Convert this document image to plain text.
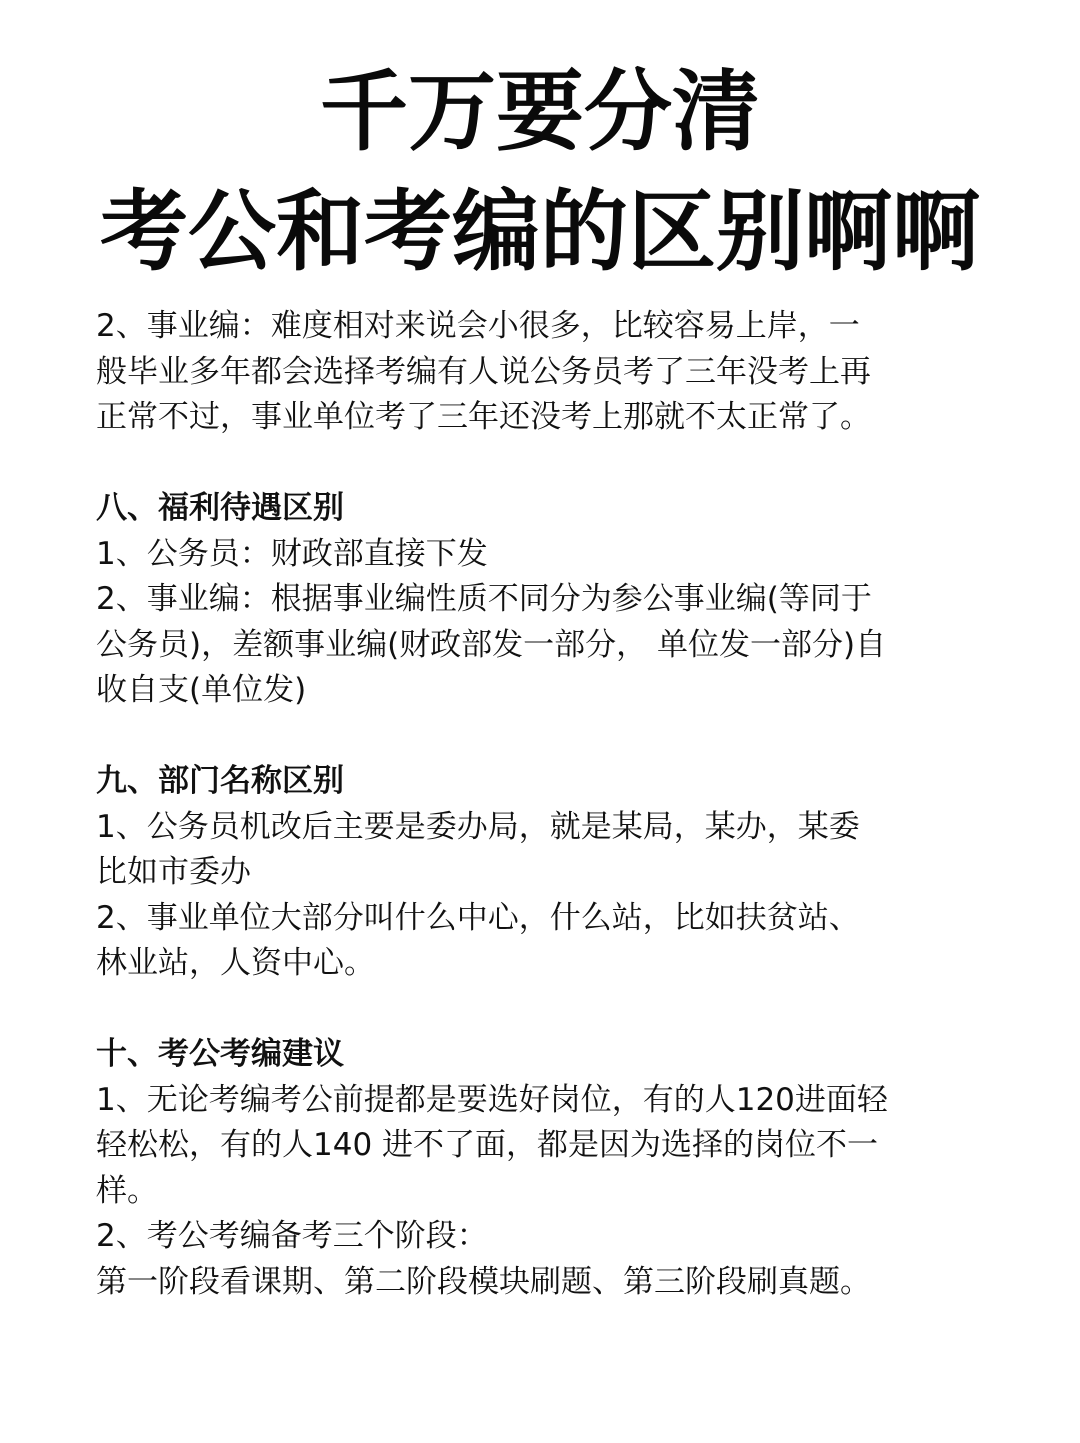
千万要分清
考公和考编的区别啊啊

2、事业编：难度相对来说会小很多，比较容易上岸，一

般毕业多年都会选择考编有人说公务员考了三年没考上再

正常不过，事业单位考了三年还没考上那就不太正常了。

八、福利待遇区别

1、公务员：财政部直接下发

2、事业编：根据事业编性质不同分为参公事业编(等同于

公务员)，差额事业编(财政部发一部分， 单位发一部分)自

收自支(单位发)

九、部门名称区别

1、公务员机改后主要是委办局，就是某局，某办，某委

比如市委办

2、事业单位大部分叫什么中心，什么站，比如扶贫站、

林业站，人资中心。

十、考公考编建议

1、无论考编考公前提都是要选好岗位，有的人120进面轻

轻松松，有的人140 进不了面，都是因为选择的岗位不一

样。

2、考公考编备考三个阶段：

第一阶段看课期、第二阶段模块刷题、第三阶段刷真题。
